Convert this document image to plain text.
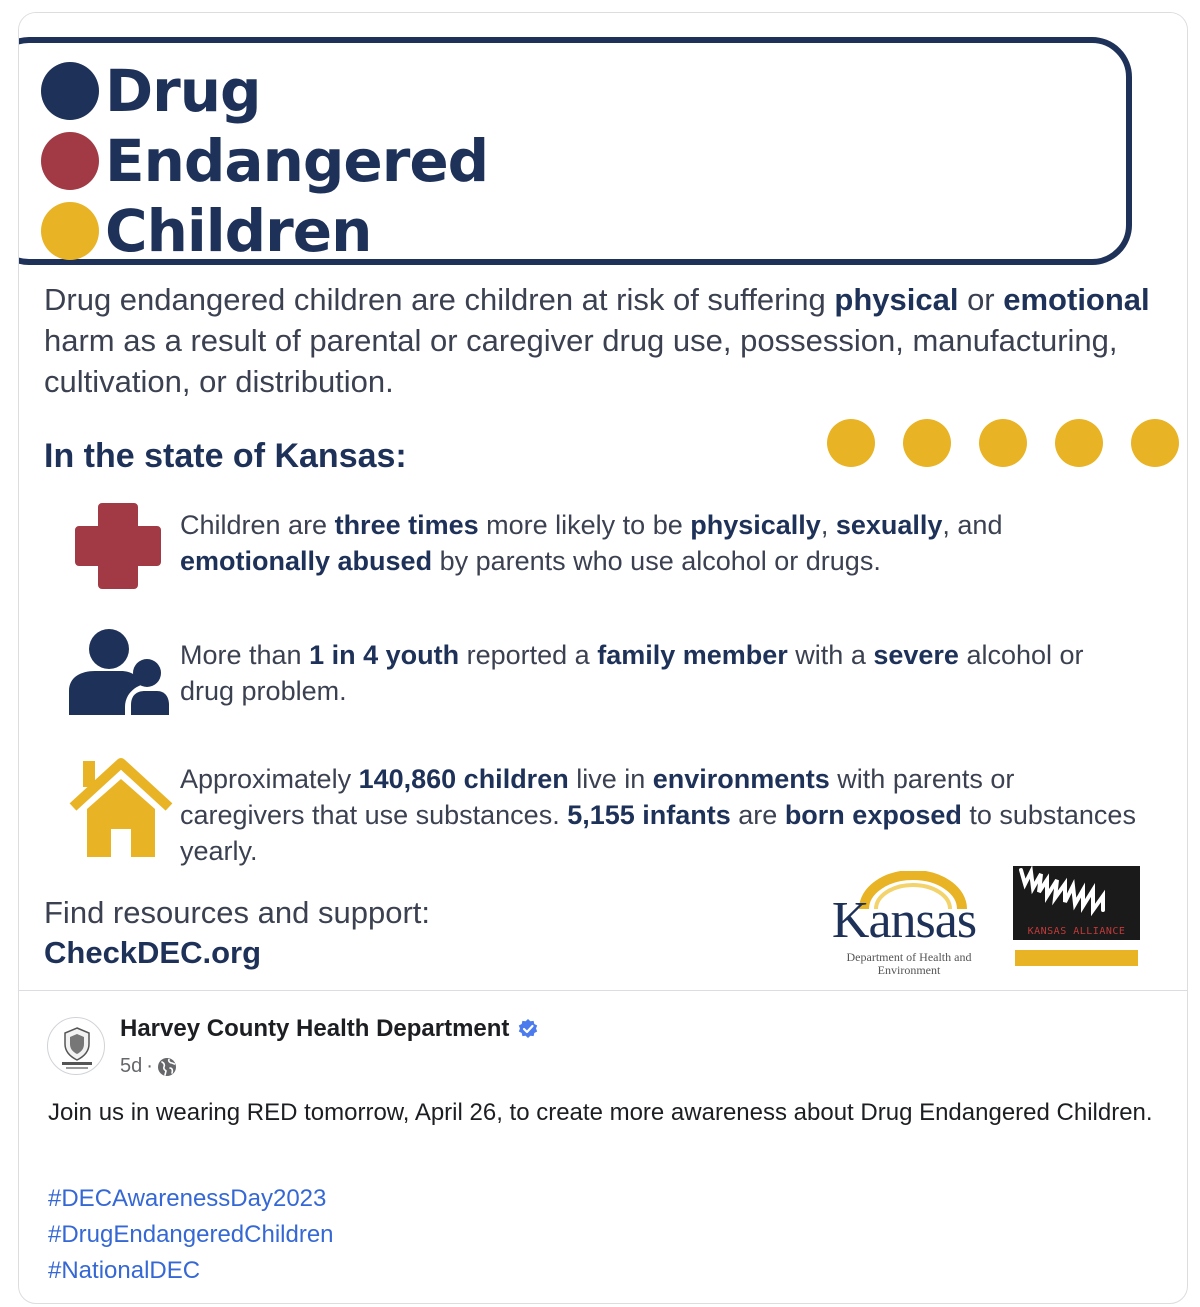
Drug
Endangered
Children
Drug endangered children are children at risk of suffering physical or emotional harm as a result of parental or caregiver drug use, possession, manufacturing, cultivation, or distribution.
In the state of Kansas:
Children are three times more likely to be physically, sexually, and emotionally abused by parents who use alcohol or drugs.
More than 1 in 4 youth reported a family member with a severe alcohol or drug problem.
Approximately 140,860 children live in environments with parents or caregivers that use substances. 5,155 infants are born exposed to substances yearly.
Find resources and support:
CheckDEC.org
Kansas
Department of Health and Environment
KANSAS ALLIANCE
Harvey County Health Department
5d ·
Join us in wearing RED tomorrow, April 26, to create more awareness about Drug Endangered Children.
#DECAwarenessDay2023
#DrugEndangeredChildren
#NationalDEC
